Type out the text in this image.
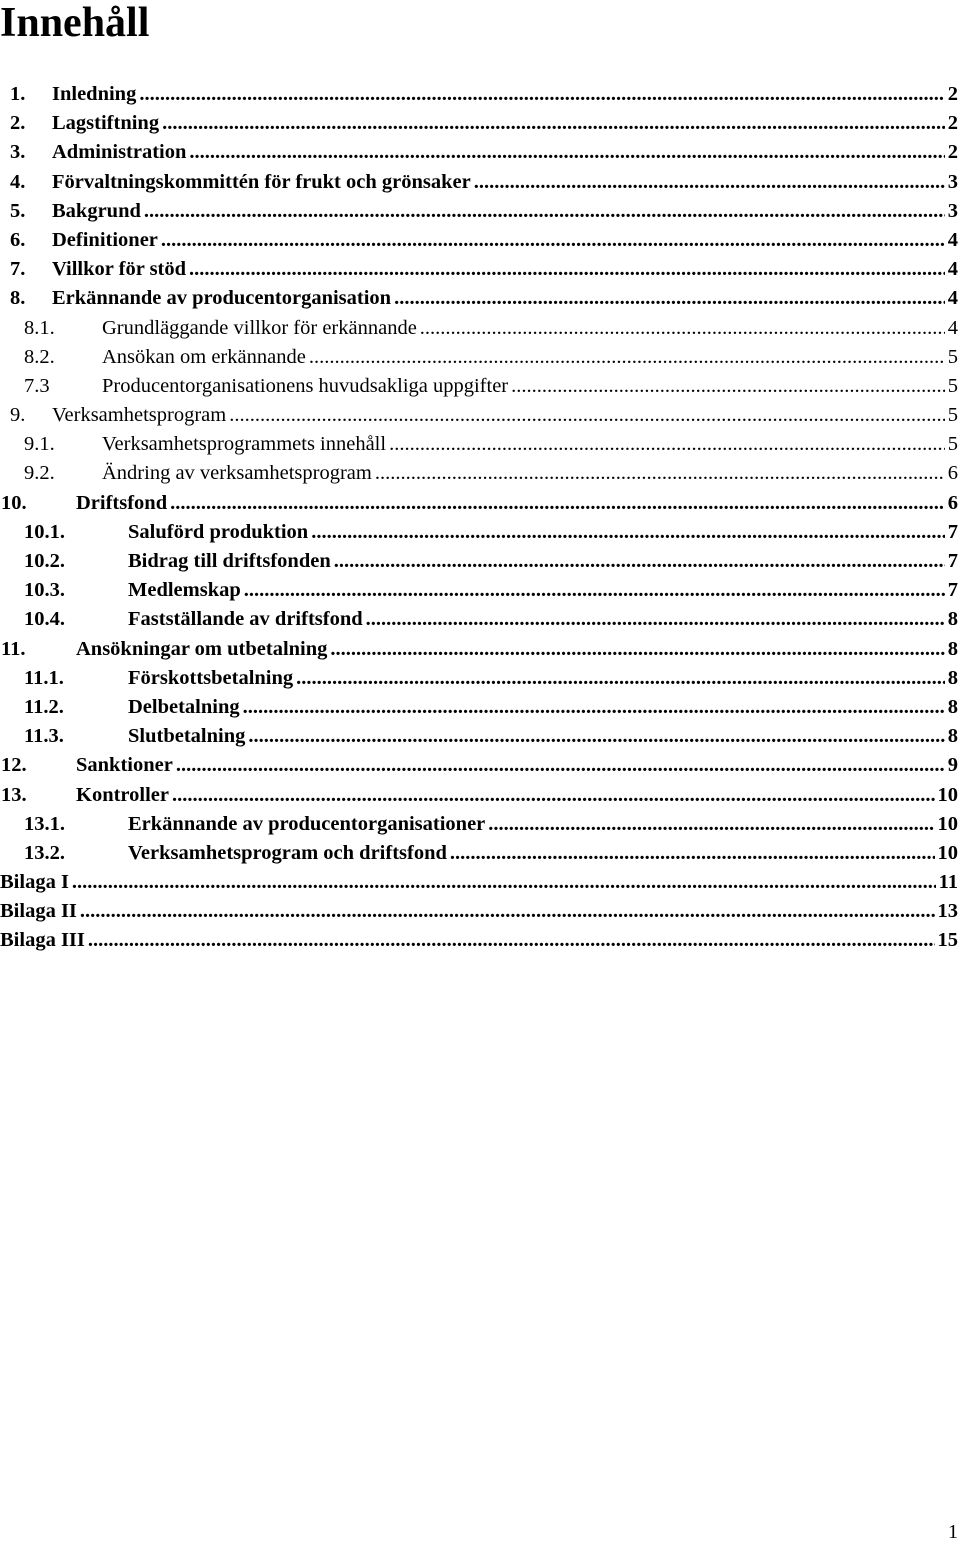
Innehåll
1. Inledning .....	2
2. Lagstiftning .....	2
3. Administration .....	2
4. Förvaltningskommittén för frukt och grönsaker .....	3
5. Bakgrund .....	3
6. Definitioner .....	4
7. Villkor för stöd .....	4
8. Erkännande av producentorganisation .....	4
8.1. Grundläggande villkor för erkännande .....	4
8.2. Ansökan om erkännande .....	5
7.3	Producentorganisationens huvudsakliga uppgifter .....	5
9. Verksamhetsprogram .....	5
9.1. Verksamhetsprogrammets innehåll .....	5
9.2. Ändring av verksamhetsprogram .....	6
10. Driftsfond .....	6
10.1.	Saluförd produktion .....	7
10.2.	Bidrag till driftsfonden .....	7
10.3.	Medlemskap .....	7
10.4.	Fastställande av driftsfond .....	8
11. Ansökningar om utbetalning .....	8
11.1.	Förskottsbetalning .....	8
11.2.	Delbetalning .....	8
11.3.	Slutbetalning .....	8
12. Sanktioner .....	9
13. Kontroller .....	10
13.1.	Erkännande av producentorganisationer .....	10
13.2.	Verksamhetsprogram och driftsfond .....	10
Bilaga I .....	11
Bilaga II .....	13
Bilaga III .....	15
1
